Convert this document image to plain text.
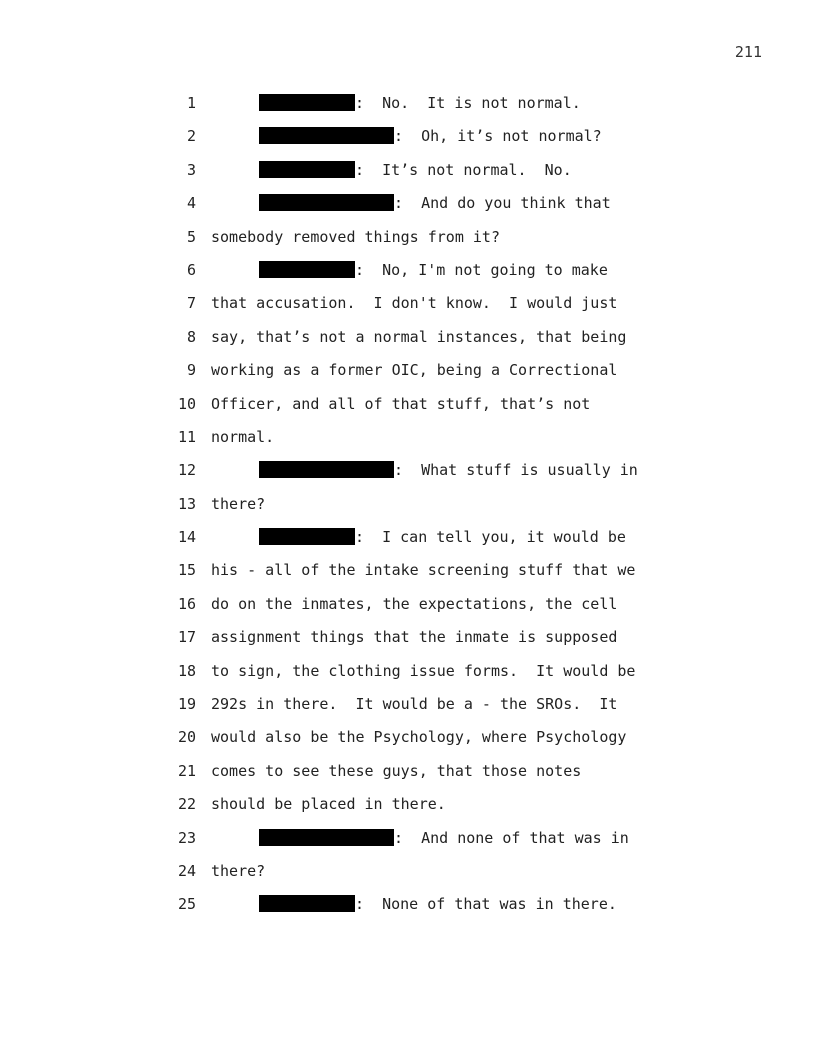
211

1

	:  No.  It is not normal.

2

	:  Oh, it’s not normal?

3

	:  It’s not normal.  No.

4

	:  And do you think that

5

somebody removed things from it?

6

	:  No, I'm not going to make

7

that accusation.  I don't know.  I would just

8

say, that’s not a normal instances, that being

9

working as a former OIC, being a Correctional

10

Officer, and all of that stuff, that’s not

11

normal.

12

	:  What stuff is usually in

13

there?

14

	:  I can tell you, it would be

15

his - all of the intake screening stuff that we

16

do on the inmates, the expectations, the cell

17

assignment things that the inmate is supposed

18

to sign, the clothing issue forms.  It would be

19

292s in there.  It would be a - the SROs.  It

20

would also be the Psychology, where Psychology

21

comes to see these guys, that those notes

22

should be placed in there.

23

	:  And none of that was in

24

there?

25

	:  None of that was in there.
